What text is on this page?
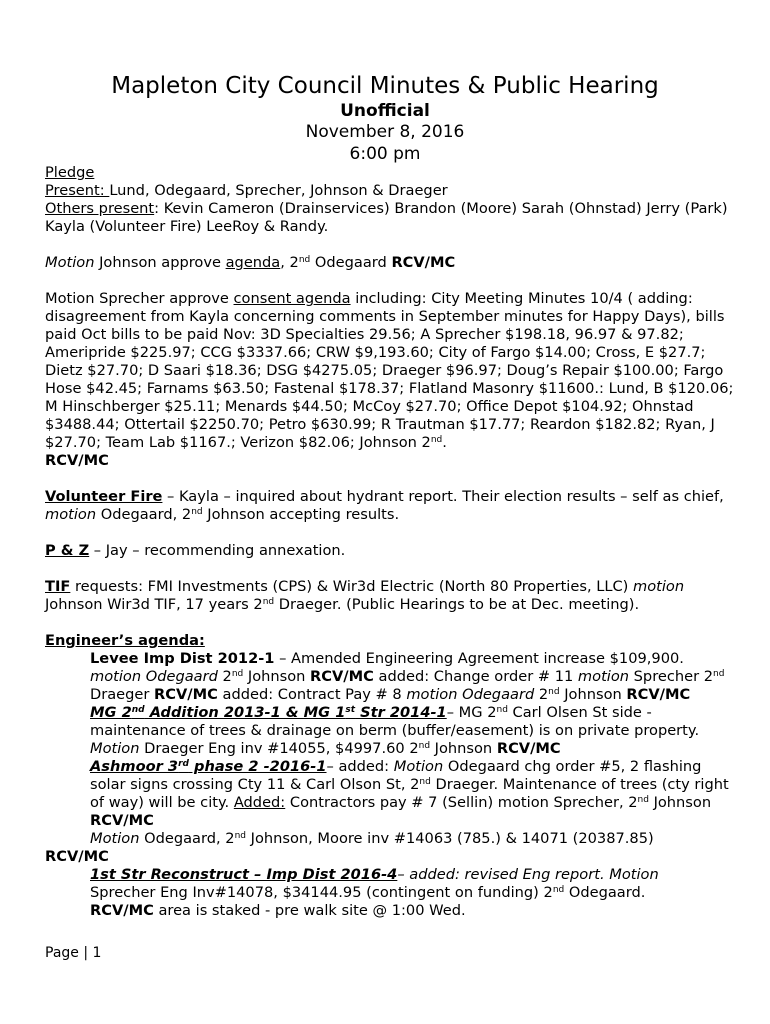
Mapleton City Council Minutes & Public Hearing
Unofficial
November 8, 2016
6:00 pm

Pledge

Present: Lund, Odegaard, Sprecher, Johnson & Draeger

Others present: Kevin Cameron (Drainservices) Brandon (Moore) Sarah (Ohnstad) Jerry (Park) Kayla (Volunteer Fire) LeeRoy & Randy.

Motion Johnson approve agenda, 2nd Odegaard RCV/MC

Motion Sprecher approve consent agenda including: City Meeting Minutes 10/4 ( adding: disagreement from Kayla concerning comments in September minutes for Happy Days), bills paid Oct bills to be paid Nov: 3D Specialties 29.56; A Sprecher $198.18, 96.97 & 97.82; Ameripride $225.97; CCG $3337.66; CRW $9,193.60; City of Fargo $14.00; Cross, E $27.7; Dietz $27.70; D Saari $18.36; DSG $4275.05; Draeger $96.97; Doug’s Repair $100.00; Fargo Hose $42.45; Farnams $63.50; Fastenal $178.37; Flatland Masonry $11600.: Lund, B $120.06; M Hinschberger $25.11; Menards $44.50; McCoy $27.70; Office Depot $104.92; Ohnstad $3488.44; Ottertail $2250.70; Petro $630.99; R Trautman $17.77; Reardon $182.82; Ryan, J $27.70; Team Lab $1167.; Verizon $82.06; Johnson 2nd.
RCV/MC

Volunteer Fire – Kayla – inquired about hydrant report. Their election results – self as chief, motion Odegaard, 2nd Johnson accepting results.

P & Z – Jay – recommending annexation.

TIF requests: FMI Investments (CPS) & Wir3d Electric (North 80 Properties, LLC) motion Johnson Wir3d TIF, 17 years 2nd Draeger. (Public Hearings to be at Dec. meeting).

Engineer’s agenda:

Levee Imp Dist 2012-1 – Amended Engineering Agreement increase $109,900. motion Odegaard 2nd Johnson RCV/MC added: Change order # 11 motion Sprecher 2nd Draeger RCV/MC added: Contract Pay # 8 motion Odegaard 2nd Johnson RCV/MC

MG 2nd Addition 2013-1 & MG 1st Str 2014-1– MG 2nd Carl Olsen St side - maintenance of trees & drainage on berm (buffer/easement) is on private property. Motion Draeger Eng inv #14055, $4997.60 2nd Johnson RCV/MC

Ashmoor 3rd phase 2 -2016-1– added: Motion Odegaard chg order #5, 2 flashing solar signs crossing Cty 11 & Carl Olson St, 2nd Draeger. Maintenance of trees (cty right of way) will be city. Added: Contractors pay # 7 (Sellin) motion Sprecher, 2nd Johnson RCV/MC
Motion Odegaard, 2nd Johnson, Moore inv #14063 (785.) & 14071 (20387.85)

RCV/MC

1st Str Reconstruct – Imp Dist 2016-4– added: revised Eng report. Motion
Sprecher Eng Inv#14078, $34144.95 (contingent on funding) 2nd Odegaard.
RCV/MC area is staked - pre walk site @ 1:00 Wed.

Page | 1
